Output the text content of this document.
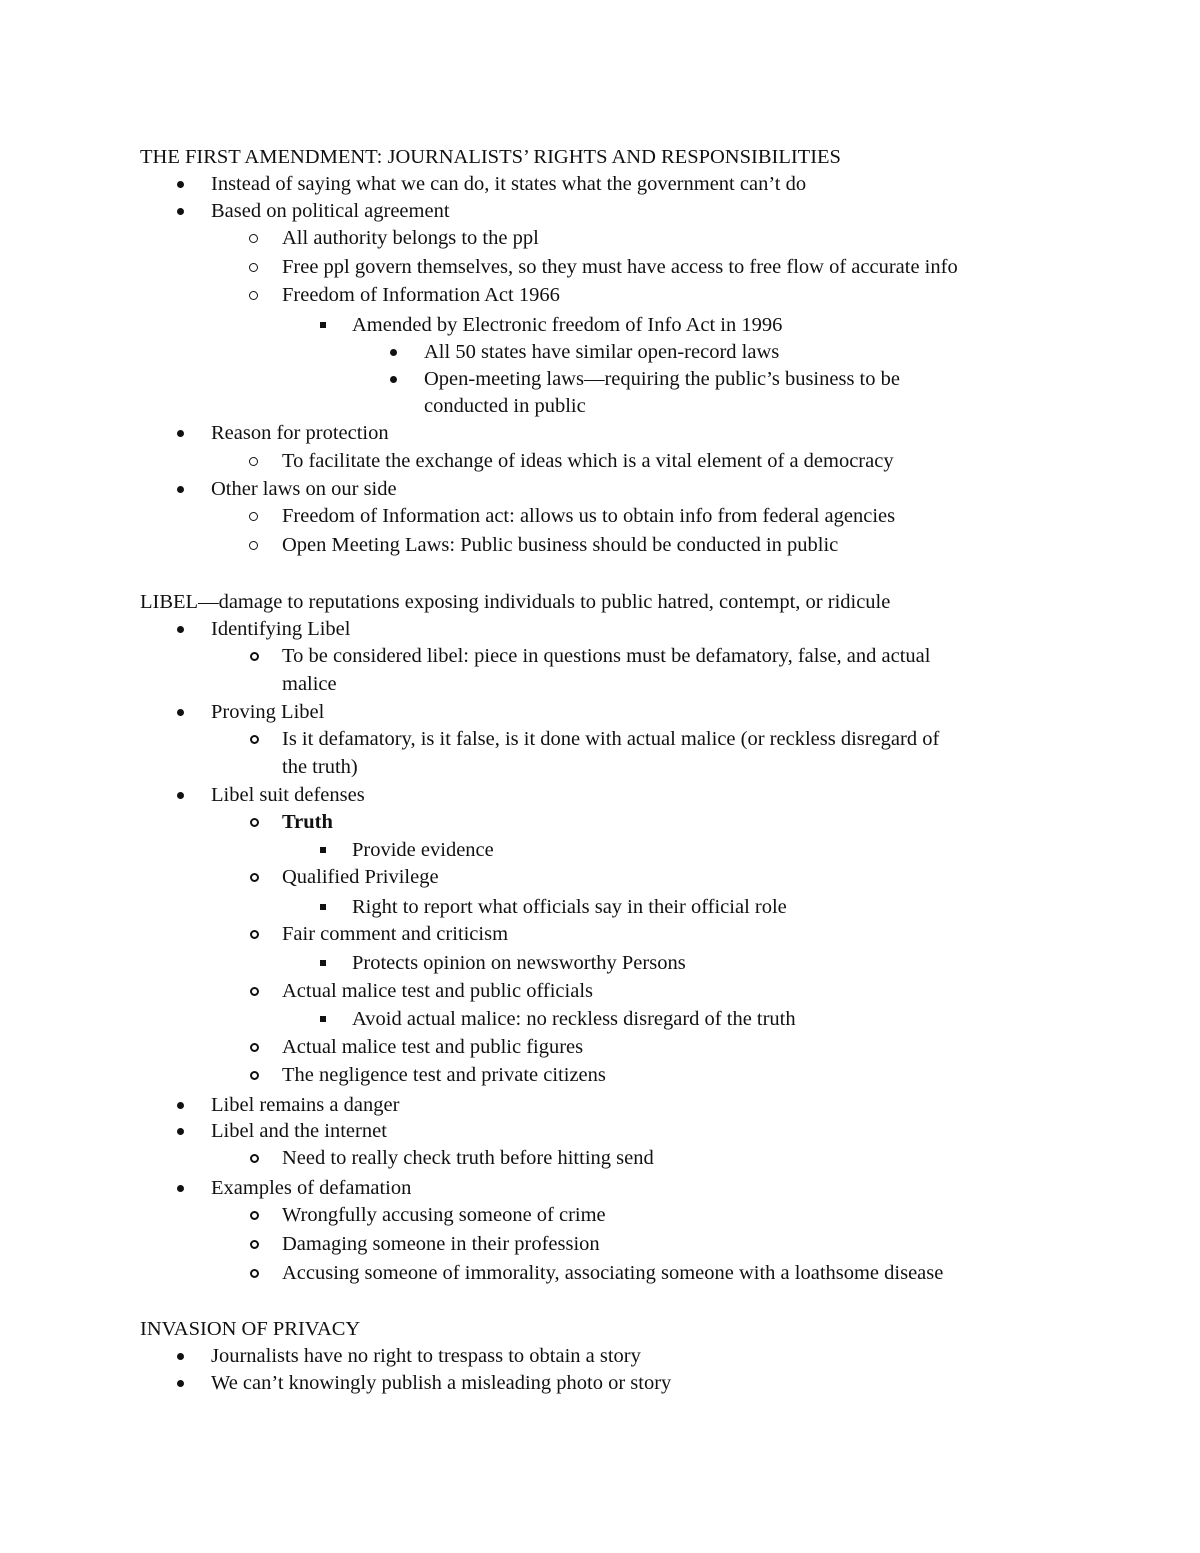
THE FIRST AMENDMENT: JOURNALISTS’ RIGHTS AND RESPONSIBILITIES
Instead of saying what we can do, it states what the government can’t do
Based on political agreement
All authority belongs to the ppl
Free ppl govern themselves, so they must have access to free flow of accurate info
Freedom of Information Act 1966
Amended by Electronic freedom of Info Act in 1996
All 50 states have similar open-record laws
Open-meeting laws—requiring the public’s business to be
conducted in public
Reason for protection
To facilitate the exchange of ideas which is a vital element of a democracy
Other laws on our side
Freedom of Information act: allows us to obtain info from federal agencies
Open Meeting Laws: Public business should be conducted in public
LIBEL—damage to reputations exposing individuals to public hatred, contempt, or ridicule
Identifying Libel
To be considered libel: piece in questions must be defamatory, false, and actual
malice
Proving Libel
Is it defamatory, is it false, is it done with actual malice (or reckless disregard of
the truth)
Libel suit defenses
Truth
Provide evidence
Qualified Privilege
Right to report what officials say in their official role
Fair comment and criticism
Protects opinion on newsworthy Persons
Actual malice test and public officials
Avoid actual malice: no reckless disregard of the truth
Actual malice test and public figures
The negligence test and private citizens
Libel remains a danger
Libel and the internet
Need to really check truth before hitting send
Examples of defamation
Wrongfully accusing someone of crime
Damaging someone in their profession
Accusing someone of immorality, associating someone with a loathsome disease
INVASION OF PRIVACY
Journalists have no right to trespass to obtain a story
We can’t knowingly publish a misleading photo or story
